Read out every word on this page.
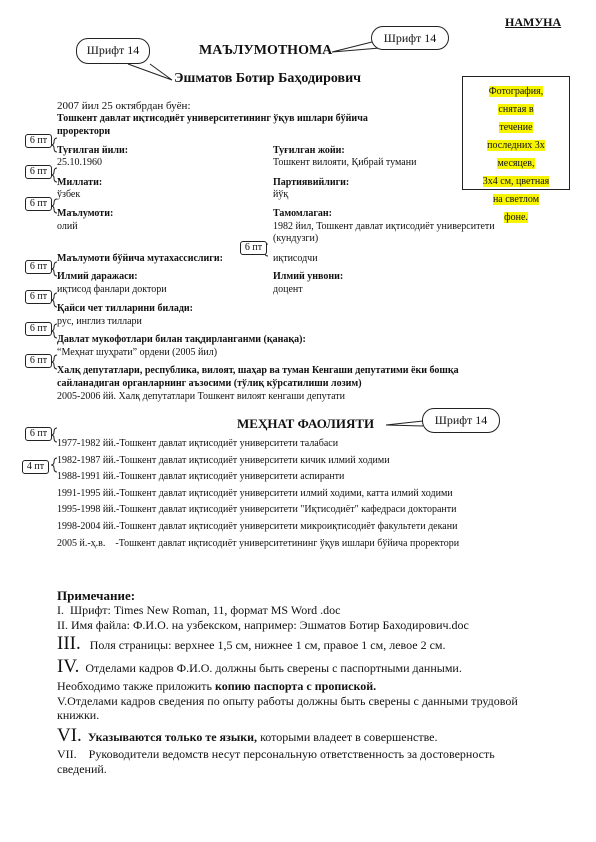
НАМУНА
Шрифт 14
Шрифт 14
МАЪЛУМОТНОМА
Эшматов Ботир Баҳодирович
Фотография,
снятая в
течение
последних 3х
месяцев,
3х4 см, цветная
на светлом
фоне.
2007 йил 25 октябрдан буён:
Тошкент давлат иқтисодиёт университетининг ўқув ишлари бўйича
проректори
6 пт
6 пт
6 пт
6 пт
6 пт
6 пт
6 пт
6 пт
6 пт
4 пт
Туғилган йили:
25.10.1960
Туғилган жойи:
Тошкент вилояти, Қибрай тумани
Миллати:
ўзбек
Партиявийлиги:
йўқ
Маълумоти:
олий
Тамомлаган:
1982 йил, Тошкент давлат иқтисодиёт университети
(кундузги)
Маълумоти бўйича мутахассислиги:	иқтисодчи
Илмий даражаси:
иқтисод фанлари доктори
Илмий унвони:
доцент
Қайси чет тилларини билади:
рус, инглиз тиллари
Давлат мукофотлари билан тақдирланганми (қанақа):
“Меҳнат шуҳрати” ордени (2005 йил)
Халқ депутатлари, республика, вилоят, шаҳар ва туман Кенгаши депутатими ёки бошқа
сайланадиган органларнинг аъзосими (тўлиқ кўрсатилиши лозим)
2005-2006 йй. Халқ депутатлари Тошкент вилоят кенгаши депутати
МЕҲНАТ ФАОЛИЯТИ	Шрифт 14
1977-1982 йй.-Тошкент давлат иқтисодиёт университети талабаси
1982-1987 йй.-Тошкент давлат иқтисодиёт университети кичик илмий ходими
1988-1991 йй.-Тошкент давлат иқтисодиёт университети аспиранти
1991-1995 йй.-Тошкент давлат иқтисодиёт университети илмий ходими, катта илмий ходими
1995-1998 йй.-Тошкент давлат иқтисодиёт университети "Иқтисодиёт" кафедраси докторанти
1998-2004 йй.-Тошкент давлат иқтисодиёт университети микроиқтисодиёт факультети декани
2005 й.-ҳ.в.    -Тошкент давлат иқтисодиёт университетининг ўқув ишлари бўйича проректори
Примечание:
I. Шрифт: Times New Roman, 11, формат MS Word .doc
II. Имя файла: Ф.И.О. на узбекском, например: Эшматов Ботир Баходирович.doc
III. Поля страницы: верхнее 1,5 см, нижнее 1 см, правое 1 см, левое 2 см.
IV. Отделами кадров Ф.И.О. должны быть сверены с паспортными данными.
Необходимо также приложить копию паспорта с пропиской.
V.Отделами кадров сведения по опыту работы должны быть сверены с данными трудовой
книжки.
VI. Указываются только те языки, которыми владеет в совершенстве.
VII. Руководители ведомств несут персональную ответственность за достоверность
сведений.
